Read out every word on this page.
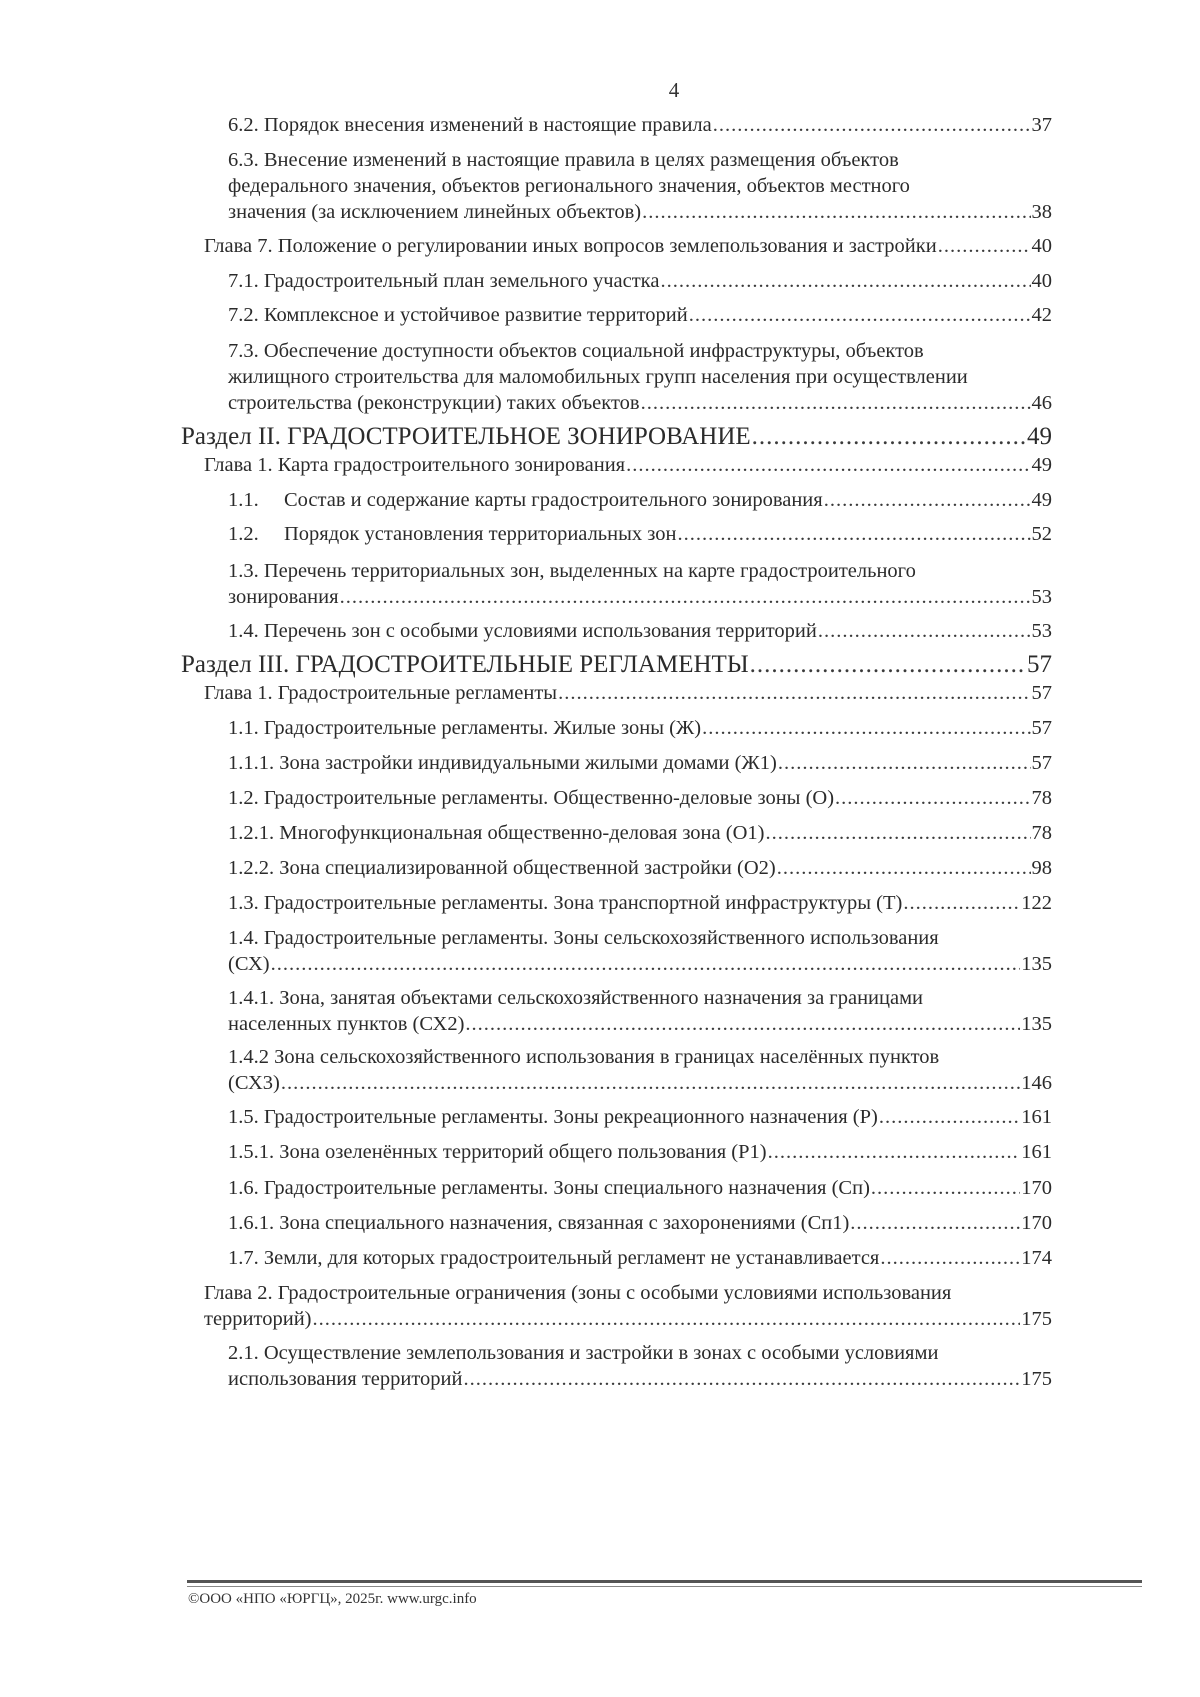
4
6.2. Порядок внесения изменений в настоящие правила .....	37
6.3. Внесение изменений в настоящие правила в целях размещения объектов
федерального значения, объектов регионального значения, объектов местного
значения (за исключением линейных объектов) .....	38
Глава 7. Положение о регулировании иных вопросов землепользования и застройки .....	40
7.1. Градостроительный план земельного участка .....	40
7.2. Комплексное и устойчивое развитие территорий .....	42
7.3. Обеспечение доступности объектов социальной инфраструктуры, объектов
жилищного строительства для маломобильных групп населения при осуществлении
строительства (реконструкции) таких объектов .....	46
Раздел II. ГРАДОСТРОИТЕЛЬНОЕ ЗОНИРОВАНИЕ .....	49
Глава 1. Карта градостроительного зонирования .....	49
1.1.	Состав и содержание карты градостроительного зонирования .....	49
1.2.	Порядок установления территориальных зон .....	52
1.3. Перечень территориальных зон, выделенных на карте градостроительного
зонирования .....	53
1.4. Перечень зон с особыми условиями использования территорий .....	53
Раздел III. ГРАДОСТРОИТЕЛЬНЫЕ РЕГЛАМЕНТЫ .....	57
Глава 1. Градостроительные регламенты .....	57
1.1. Градостроительные регламенты. Жилые зоны (Ж) .....	57
1.1.1. Зона застройки индивидуальными жилыми домами (Ж1) .....	57
1.2. Градостроительные регламенты. Общественно-деловые зоны (О) .....	78
1.2.1. Многофункциональная общественно-деловая зона (О1) .....	78
1.2.2. Зона специализированной общественной застройки (О2) .....	98
1.3. Градостроительные регламенты. Зона транспортной инфраструктуры (Т) .....	122
1.4. Градостроительные регламенты. Зоны сельскохозяйственного использования
(СХ) .....	135
1.4.1. Зона, занятая объектами сельскохозяйственного назначения за границами
населенных пунктов (СХ2) .....	135
1.4.2 Зона сельскохозяйственного использования в границах населённых пунктов
(СХ3) .....	146
1.5. Градостроительные регламенты. Зоны рекреационного назначения (Р) .....	161
1.5.1. Зона озеленённых территорий общего пользования (Р1) .....	161
1.6. Градостроительные регламенты. Зоны специального назначения (Сп) .....	170
1.6.1. Зона специального назначения, связанная с захоронениями (Сп1) .....	170
1.7. Земли, для которых градостроительный регламент не устанавливается .....	174
Глава 2. Градостроительные ограничения (зоны с особыми условиями использования
территорий) .....	175
2.1. Осуществление землепользования и застройки в зонах с особыми условиями
использования территорий .....	175
©ООО «НПО «ЮРГЦ», 2025г. www.urgc.info
